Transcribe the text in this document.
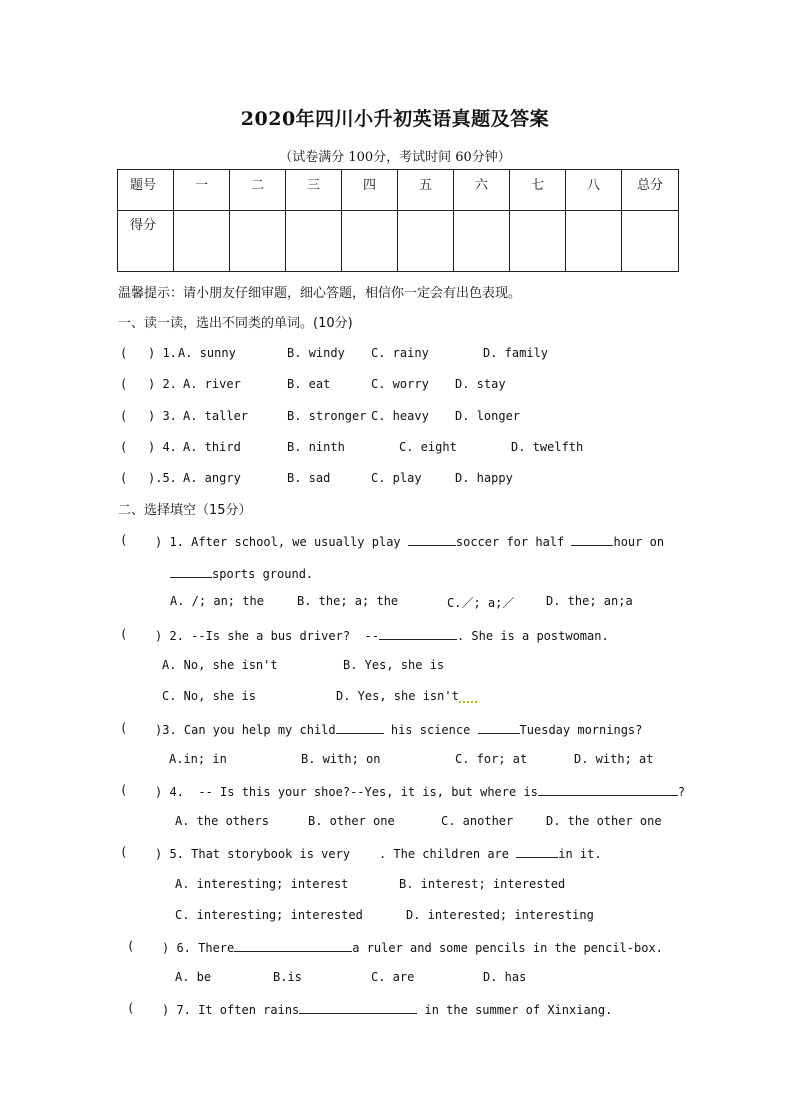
2020年四川小升初英语真题及答案
（试卷满分 100分，考试时间 60分钟）
题号	一	二	三	四	五	六	七	八	总分
得分									
温馨提示：请小朋友仔细审题，细心答题，相信你一定会有出色表现。
一、读一读，选出不同类的单词。(10分)
( ) 1. A. sunny	B. windy C. rainy	D. family
( ) 2. A. river	B. eat	C. worry D. stay
( ) 3. A. taller	B. stronger C. heavy D. longer
( ) 4. A. third	B. ninth	C. eight	D. twelfth
( ).5. A. angry	B. sad	C. play	D. happy
二、选择填空（15分）
( ) 1. After school, we usually play	soccer for half	hour on
sports ground.
A. /; an; the	B. the; a; the	C.／; a;／	D. the; an;a
( ) 2. --Is she a bus driver?  --	. She is a postwoman.
A. No, she isn't	B. Yes, she is
C. No, she is	D. Yes, she isn't
( )3. Can you help my child	his science	Tuesday mornings?
A.in; in	B. with; on	C. for; at	D. with; at
( ) 4.  -- Is this your shoe?--Yes, it is, but where is	?
A. the others	B. other one	C. another	D. the other one
( ) 5. That storybook is very    . The children are	in it.
A. interesting; interest	B. interest; interested
C. interesting; interested	D. interested; interesting
( ) 6. There	a ruler and some pencils in the pencil-box.
A. be	B.is	C. are	D. has
( ) 7. It often rains	in the summer of Xinxiang.
